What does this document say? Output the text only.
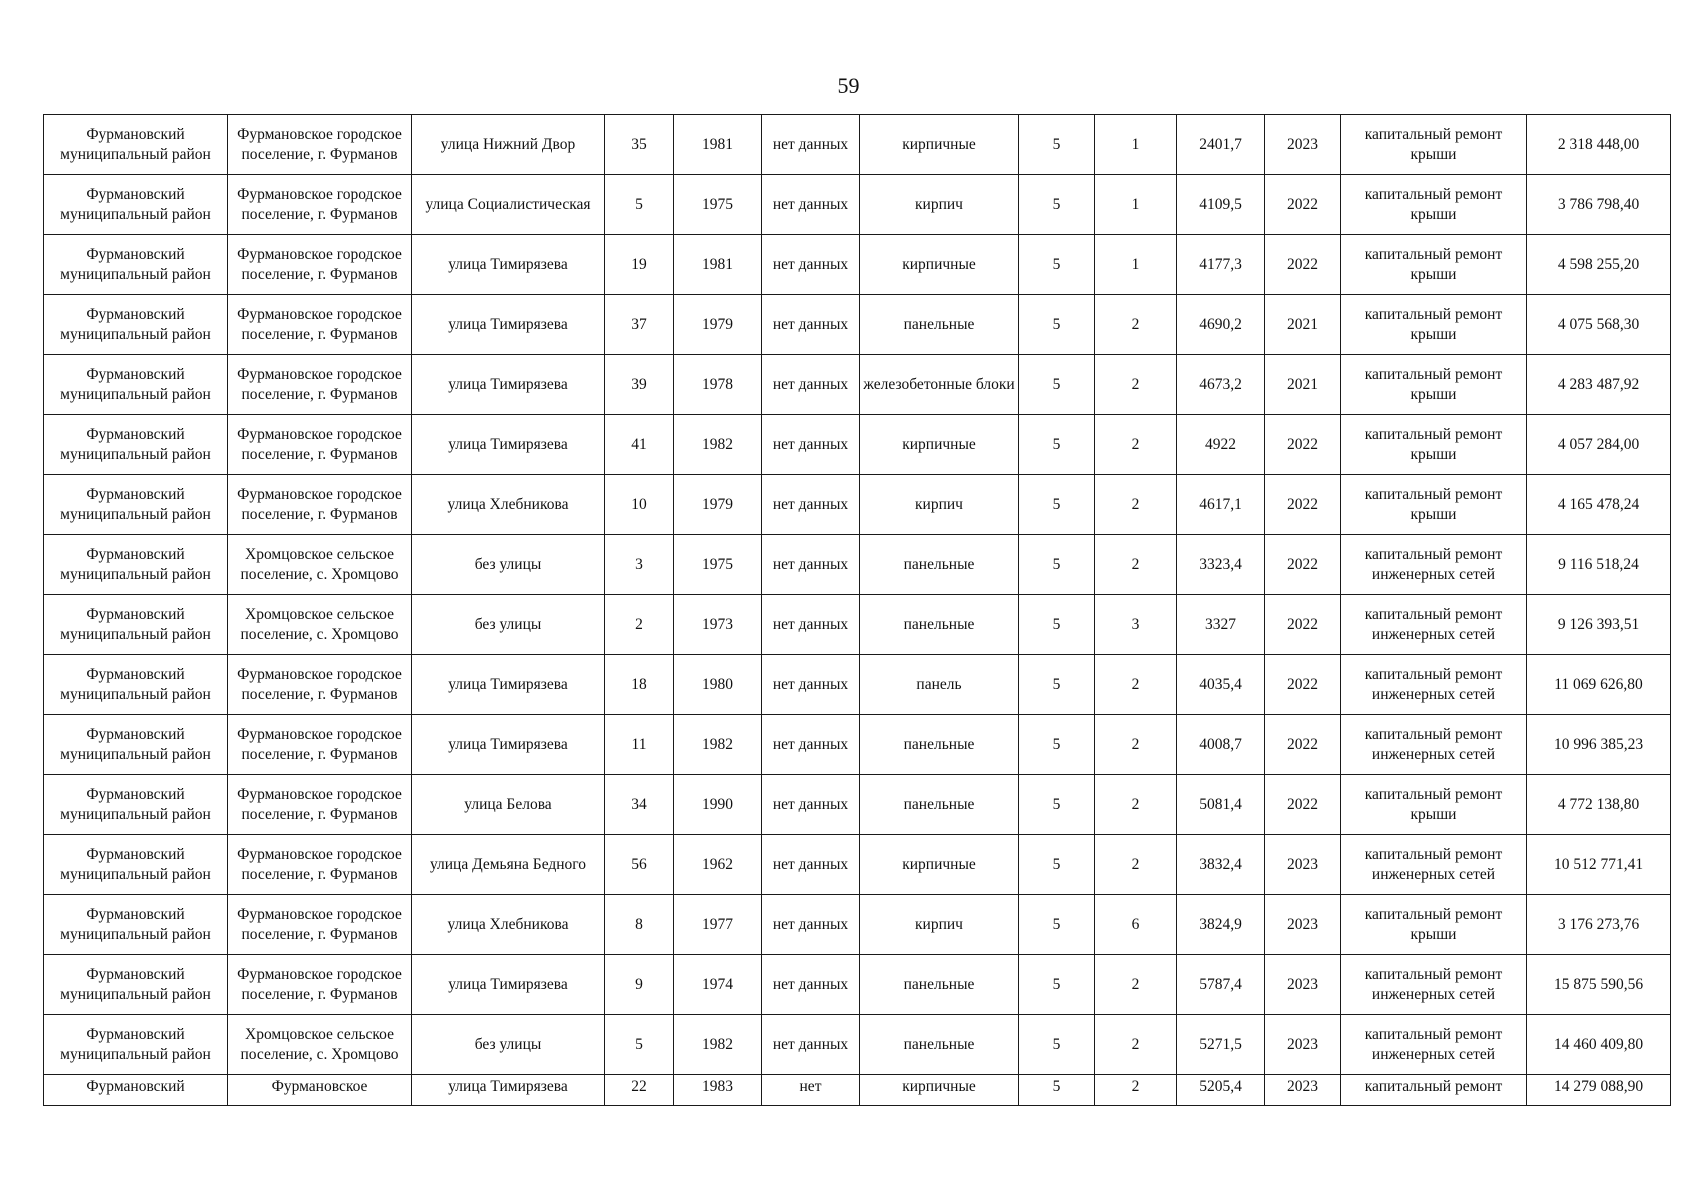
59
Фурмановский муниципальный район	Фурмановское городское поселение, г. Фурманов	улица Нижний Двор	35	1981	нет данных	кирпичные	5	1	2401,7	2023	капитальный ремонт крыши	2 318 448,00

Фурмановский муниципальный район	Фурмановское городское поселение, г. Фурманов	улица Социалистическая	5	1975	нет данных	кирпич	5	1	4109,5	2022	капитальный ремонт крыши	3 786 798,40

Фурмановский муниципальный район	Фурмановское городское поселение, г. Фурманов	улица Тимирязева	19	1981	нет данных	кирпичные	5	1	4177,3	2022	капитальный ремонт крыши	4 598 255,20

Фурмановский муниципальный район	Фурмановское городское поселение, г. Фурманов	улица Тимирязева	37	1979	нет данных	панельные	5	2	4690,2	2021	капитальный ремонт крыши	4 075 568,30

Фурмановский муниципальный район	Фурмановское городское поселение, г. Фурманов	улица Тимирязева	39	1978	нет данных	железобетонные блоки	5	2	4673,2	2021	капитальный ремонт крыши	4 283 487,92

Фурмановский муниципальный район	Фурмановское городское поселение, г. Фурманов	улица Тимирязева	41	1982	нет данных	кирпичные	5	2	4922	2022	капитальный ремонт крыши	4 057 284,00

Фурмановский муниципальный район	Фурмановское городское поселение, г. Фурманов	улица Хлебникова	10	1979	нет данных	кирпич	5	2	4617,1	2022	капитальный ремонт крыши	4 165 478,24

Фурмановский муниципальный район	Хромцовское сельское поселение, с. Хромцово	без улицы	3	1975	нет данных	панельные	5	2	3323,4	2022	капитальный ремонт инженерных сетей	9 116 518,24

Фурмановский муниципальный район	Хромцовское сельское поселение, с. Хромцово	без улицы	2	1973	нет данных	панельные	5	3	3327	2022	капитальный ремонт инженерных сетей	9 126 393,51

Фурмановский муниципальный район	Фурмановское городское поселение, г. Фурманов	улица Тимирязева	18	1980	нет данных	панель	5	2	4035,4	2022	капитальный ремонт инженерных сетей	11 069 626,80

Фурмановский муниципальный район	Фурмановское городское поселение, г. Фурманов	улица Тимирязева	11	1982	нет данных	панельные	5	2	4008,7	2022	капитальный ремонт инженерных сетей	10 996 385,23

Фурмановский муниципальный район	Фурмановское городское поселение, г. Фурманов	улица Белова	34	1990	нет данных	панельные	5	2	5081,4	2022	капитальный ремонт крыши	4 772 138,80

Фурмановский муниципальный район	Фурмановское городское поселение, г. Фурманов	улица Демьяна Бедного	56	1962	нет данных	кирпичные	5	2	3832,4	2023	капитальный ремонт инженерных сетей	10 512 771,41

Фурмановский муниципальный район	Фурмановское городское поселение, г. Фурманов	улица Хлебникова	8	1977	нет данных	кирпич	5	6	3824,9	2023	капитальный ремонт крыши	3 176 273,76

Фурмановский муниципальный район	Фурмановское городское поселение, г. Фурманов	улица Тимирязева	9	1974	нет данных	панельные	5	2	5787,4	2023	капитальный ремонт инженерных сетей	15 875 590,56

Фурмановский муниципальный район	Хромцовское сельское поселение, с. Хромцово	без улицы	5	1982	нет данных	панельные	5	2	5271,5	2023	капитальный ремонт инженерных сетей	14 460 409,80

Фурмановский	Фурмановское	улица Тимирязева	22	1983	нет	кирпичные	5	2	5205,4	2023	капитальный ремонт	14 279 088,90
